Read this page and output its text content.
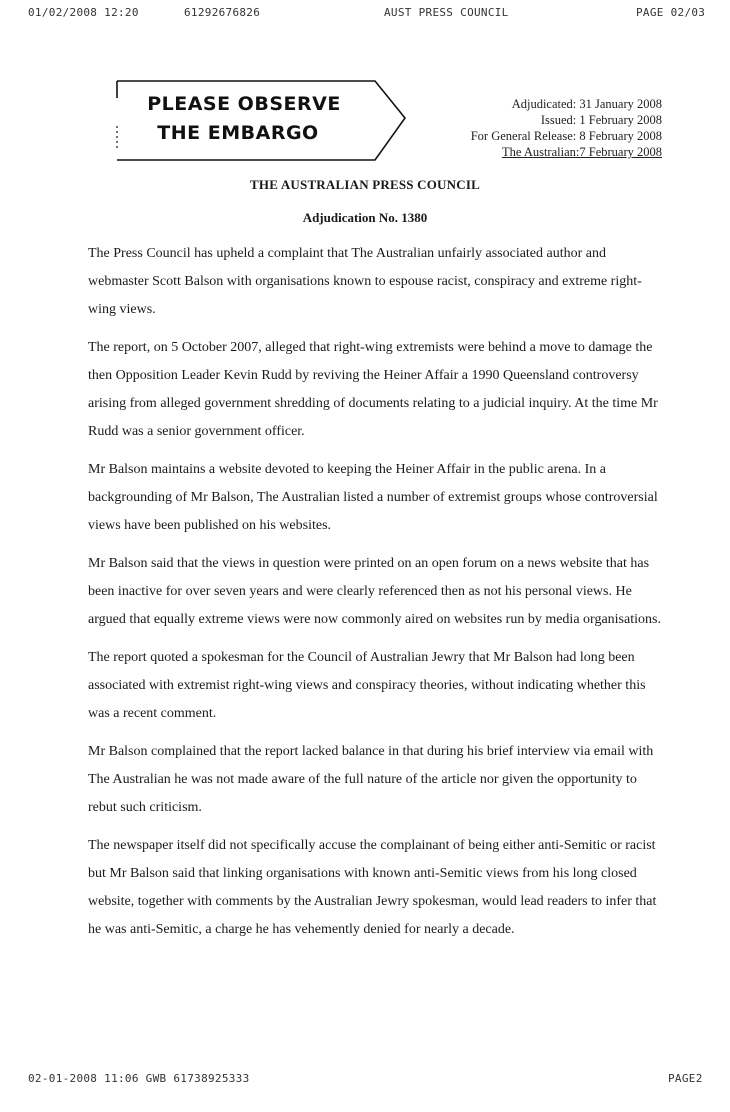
01/02/2008 12:20	61292676826	AUST PRESS COUNCIL	PAGE 02/03
PLEASE OBSERVE
THE EMBARGO
Adjudicated: 31 January 2008
Issued: 1 February 2008
For General Release: 8 February 2008
The Australian:7 February 2008
THE AUSTRALIAN PRESS COUNCIL
Adjudication No. 1380

The Press Council has upheld a complaint that The Australian unfairly associated author and webmaster Scott Balson with organisations known to espouse racist, conspiracy and extreme right-wing views.

The report, on 5 October 2007, alleged that right-wing extremists were behind a move to damage the then Opposition Leader Kevin Rudd by reviving the Heiner Affair a 1990 Queensland controversy arising from alleged government shredding of documents relating to a judicial inquiry. At the time Mr Rudd was a senior government officer.

Mr Balson maintains a website devoted to keeping the Heiner Affair in the public arena. In a backgrounding of Mr Balson, The Australian listed a number of extremist groups whose controversial views have been published on his websites.

Mr Balson said that the views in question were printed on an open forum on a news website that has been inactive for over seven years and were clearly referenced then as not his personal views. He argued that equally extreme views were now commonly aired on websites run by media organisations.

The report quoted a spokesman for the Council of Australian Jewry that Mr Balson had long been associated with extremist right-wing views and conspiracy theories, without indicating whether this was a recent comment.

Mr Balson complained that the report lacked balance in that during his brief interview via email with The Australian he was not made aware of the full nature of the article nor given the opportunity to rebut such criticism.

The newspaper itself did not specifically accuse the complainant of being either anti-Semitic or racist but Mr Balson said that linking organisations with known anti-Semitic views from his long closed website, together with comments by the Australian Jewry spokesman, would lead readers to infer that he was anti-Semitic, a charge he has vehemently denied for nearly a decade.

02-01-2008 11:06 GWB 61738925333	PAGE2
